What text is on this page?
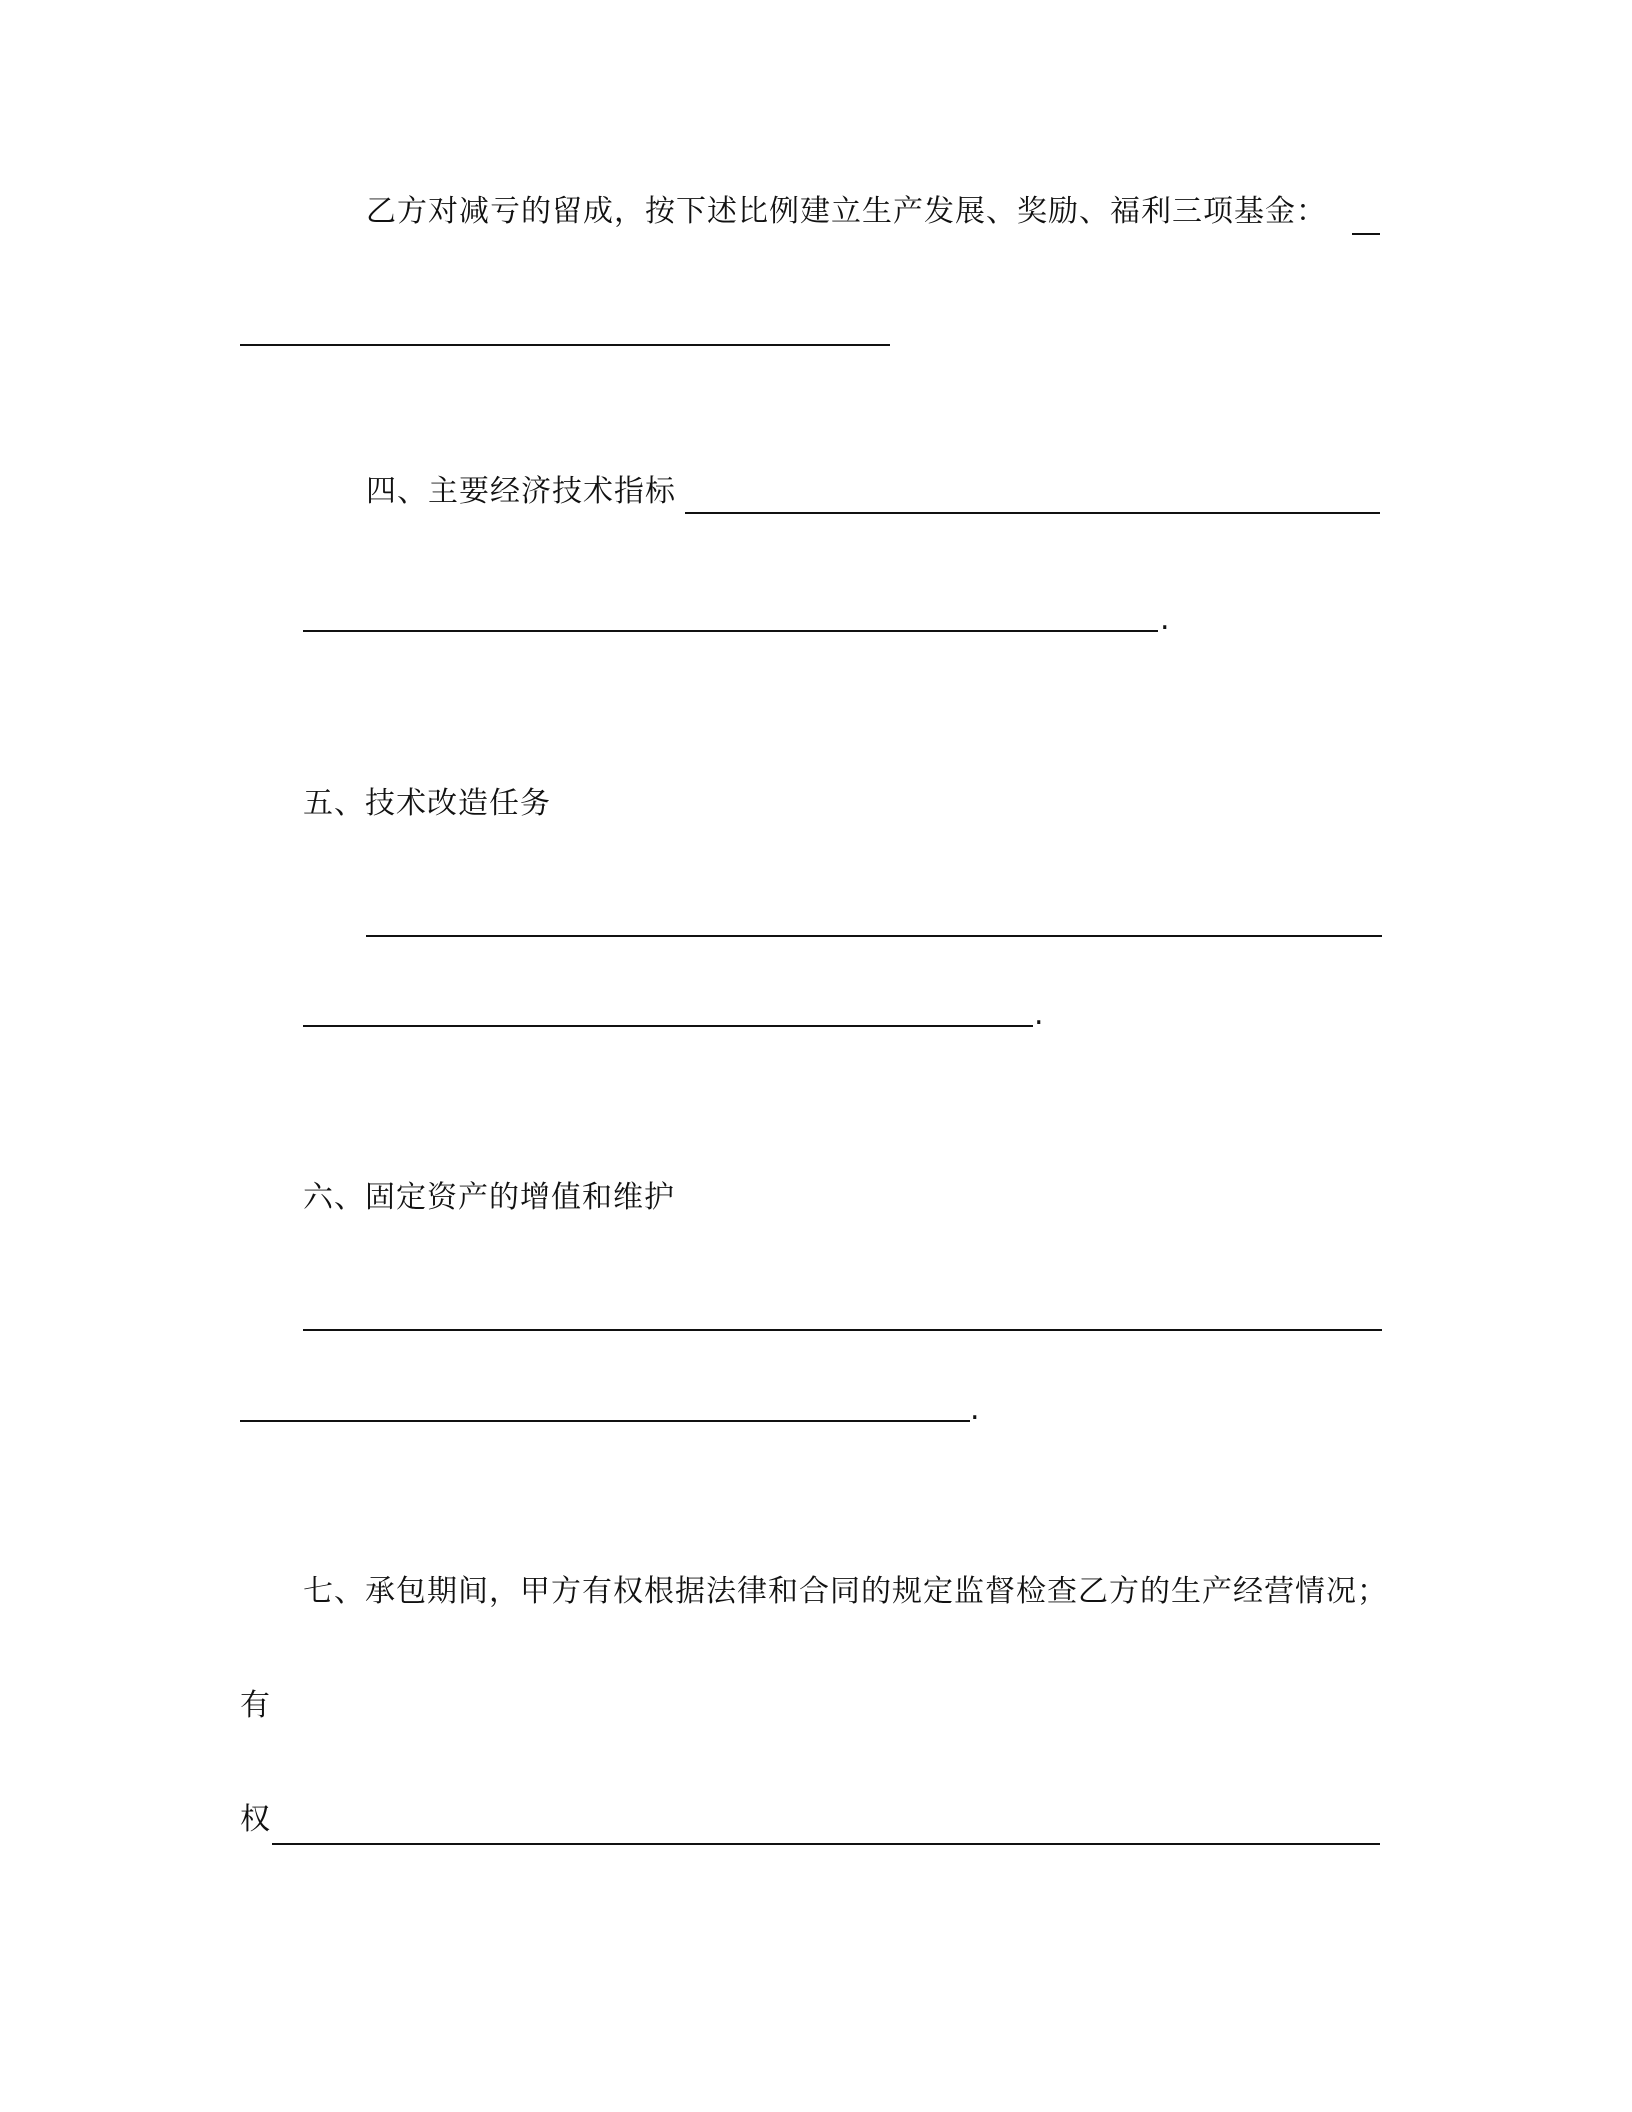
乙方对减亏的留成，按下述比例建立生产发展、奖励、福利三项基金：
四、主要经济技术指标
.
五、技术改造任务
.
六、固定资产的增值和维护
.
七、承包期间，甲方有权根据法律和合同的规定监督检查乙方的生产经营情况；
有
权
